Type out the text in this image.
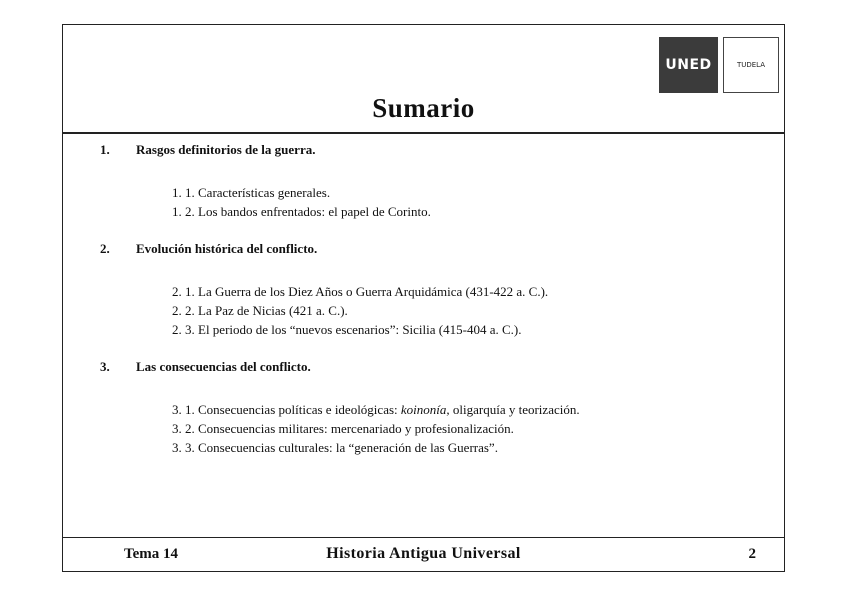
UNED	TUDELA
Sumario
1.	Rasgos definitorios de la guerra.
1. 1. Características generales.
1. 2. Los bandos enfrentados: el papel de Corinto.
2.	Evolución histórica del conflicto.
2. 1. La Guerra de los Diez Años o Guerra Arquidámica (431-422 a. C.).
2. 2. La Paz de Nicias (421 a. C.).
2. 3. El periodo de los “nuevos escenarios”: Sicilia (415-404 a. C.).
3.	Las consecuencias del conflicto.
3. 1. Consecuencias políticas e ideológicas: koinonía, oligarquía y teorización.
3. 2. Consecuencias militares: mercenariado y profesionalización.
3. 3. Consecuencias culturales: la “generación de las Guerras”.
Tema 14	Historia Antigua Universal	2
